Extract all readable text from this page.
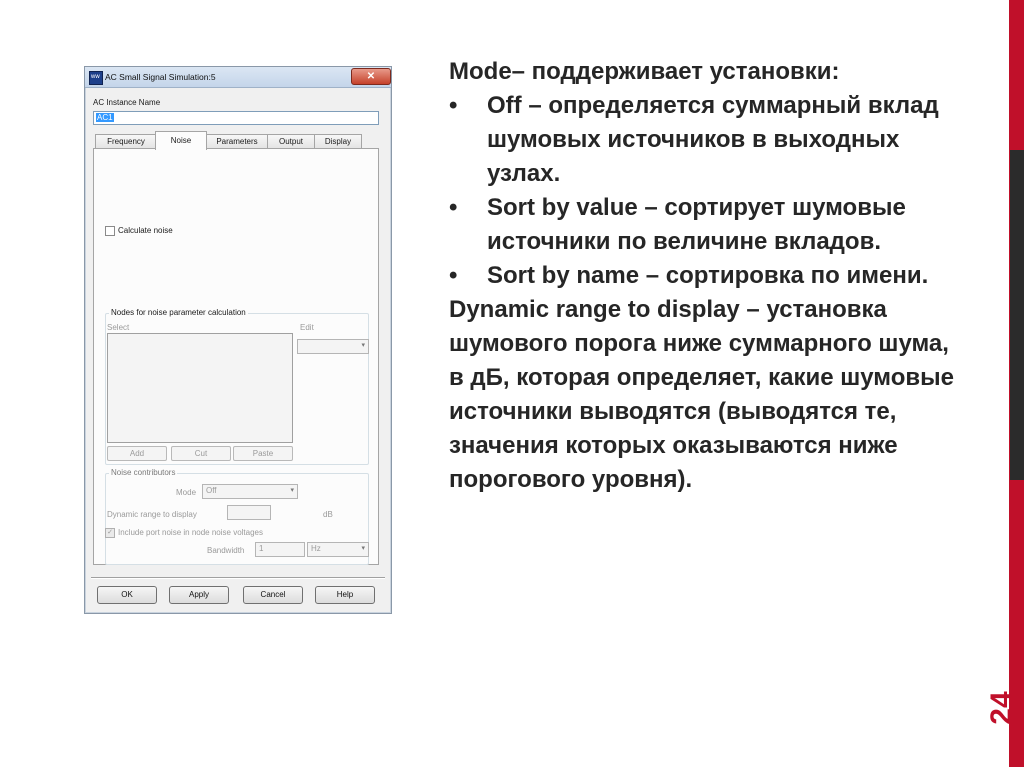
24
ww AC Small Signal Simulation:5	✕
AC Instance Name
AC1
Frequency	Noise	Parameters	Output	Display
Calculate noise
Nodes for noise parameter calculation
Select	Edit
▾
Add	Cut	Paste
Noise contributors
Mode Off	▾
Dynamic range to display	dB
✓ Include port noise in node noise voltages
Bandwidth 1	Hz	▾
OK	Apply	Cancel	Help

Mode– поддерживает установки:

• Off – определяется суммарный вклад шумовых источников в выходных узлах.

• Sort by value – сортирует шумовые источники по величине вкладов.

• Sort by name – сортировка по имени.

Dynamic range to display – установка шумового порога ниже суммарного шума, в дБ, которая определяет, какие шумовые источники выводятся (выводятся те, значения которых оказываются ниже порогового уровня).
